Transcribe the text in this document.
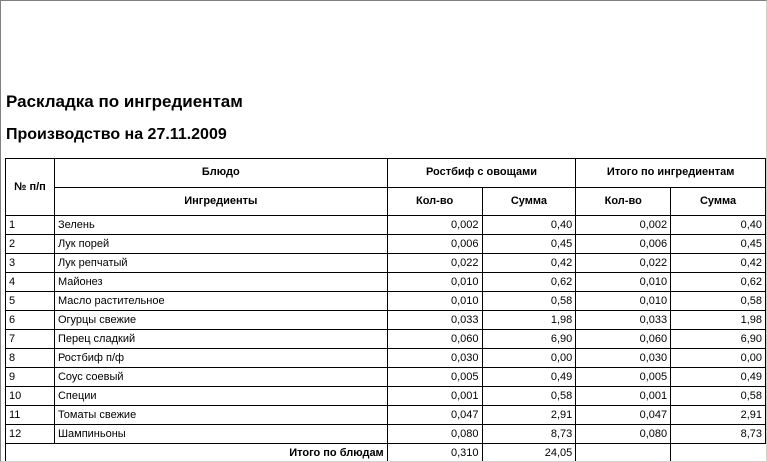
Раскладка по ингредиентам
Производство на 27.11.2009
№ п/п	Блюдо	Ростбиф с овощами		Итого по ингредиентам	
	Ингредиенты	Кол-во	Сумма	Кол-во	Сумма
1	Зелень	0,002	0,40	0,002	0,40
2	Лук порей	0,006	0,45	0,006	0,45
3	Лук репчатый	0,022	0,42	0,022	0,42
4	Майонез	0,010	0,62	0,010	0,62
5	Масло растительное	0,010	0,58	0,010	0,58
6	Огурцы свежие	0,033	1,98	0,033	1,98
7	Перец сладкий	0,060	6,90	0,060	6,90
8	Ростбиф п/ф	0,030	0,00	0,030	0,00
9	Соус соевый	0,005	0,49	0,005	0,49
10	Специи	0,001	0,58	0,001	0,58
11	Томаты свежие	0,047	2,91	0,047	2,91
12	Шампиньоны	0,080	8,73	0,080	8,73
Итого по блюдам		0,310	24,05		
